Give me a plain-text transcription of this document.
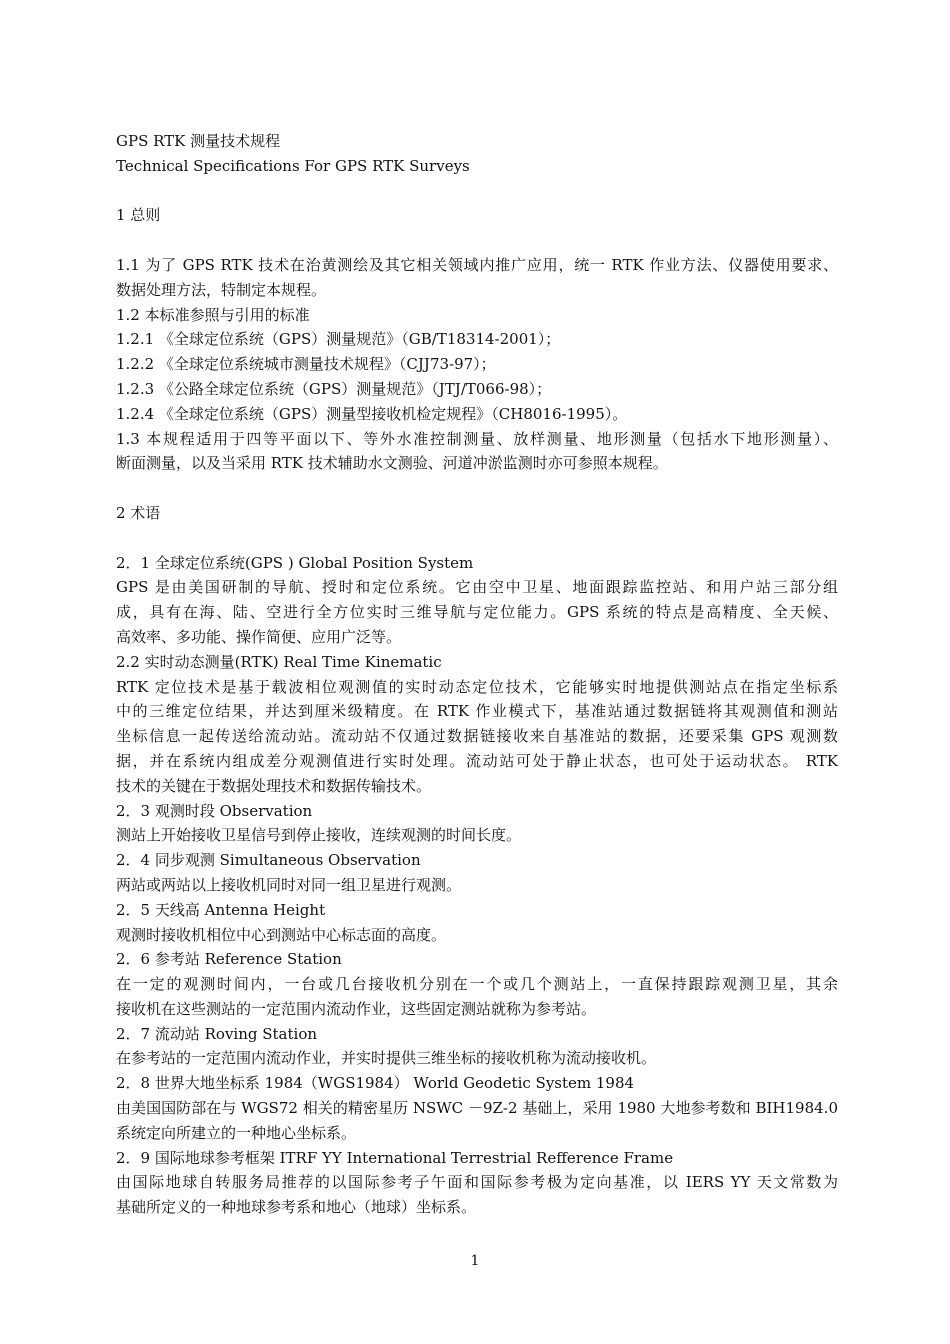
GPS RTK 测量技术规程
Technical Specifications For GPS RTK Surveys
1 总则
1.1 为了 GPS RTK 技术在治黄测绘及其它相关领域内推广应用，统一 RTK 作业方法、仪器使用要求、
数据处理方法，特制定本规程。
1.2 本标准参照与引用的标准
1.2.1 《全球定位系统（GPS）测量规范》（GB/T18314-2001）；
1.2.2 《全球定位系统城市测量技术规程》（CJJ73-97）；
1.2.3 《公路全球定位系统（GPS）测量规范》（JTJ/T066-98）；
1.2.4 《全球定位系统（GPS）测量型接收机检定规程》（CH8016-1995）。
1.3 本规程适用于四等平面以下、等外水准控制测量、放样测量、地形测量（包括水下地形测量）、
断面测量，以及当采用 RTK 技术辅助水文测验、河道冲淤监测时亦可参照本规程。
2 术语
2．1 全球定位系统(GPS ) Global Position System
GPS 是由美国研制的导航、授时和定位系统。它由空中卫星、地面跟踪监控站、和用户站三部分组
成，具有在海、陆、空进行全方位实时三维导航与定位能力。GPS 系统的特点是高精度、全天候、
高效率、多功能、操作简便、应用广泛等。
2.2 实时动态测量(RTK) Real Time Kinematic
RTK 定位技术是基于载波相位观测值的实时动态定位技术，它能够实时地提供测站点在指定坐标系
中的三维定位结果，并达到厘米级精度。在 RTK 作业模式下，基准站通过数据链将其观测值和测站
坐标信息一起传送给流动站。流动站不仅通过数据链接收来自基准站的数据，还要采集 GPS 观测数
据，并在系统内组成差分观测值进行实时处理。流动站可处于静止状态，也可处于运动状态。 RTK
技术的关键在于数据处理技术和数据传输技术。
2．3 观测时段 Observation
测站上开始接收卫星信号到停止接收，连续观测的时间长度。
2．4 同步观测 Simultaneous Observation
两站或两站以上接收机同时对同一组卫星进行观测。
2．5 天线高 Antenna Height
观测时接收机相位中心到测站中心标志面的高度。
2．6 参考站 Reference Station
在一定的观测时间内，一台或几台接收机分别在一个或几个测站上，一直保持跟踪观测卫星，其余
接收机在这些测站的一定范围内流动作业，这些固定测站就称为参考站。
2．7 流动站 Roving Station
在参考站的一定范围内流动作业，并实时提供三维坐标的接收机称为流动接收机。
2．8 世界大地坐标系 1984（WGS1984） World Geodetic System 1984
由美国国防部在与 WGS72 相关的精密星历 NSWC －9Z-2 基础上，采用 1980 大地参考数和 BIH1984.0
系统定向所建立的一种地心坐标系。
2．9 国际地球参考框架 ITRF YY International Terrestrial Refference Frame
由国际地球自转服务局推荐的以国际参考子午面和国际参考极为定向基准，以 IERS YY 天文常数为
基础所定义的一种地球参考系和地心（地球）坐标系。
1
